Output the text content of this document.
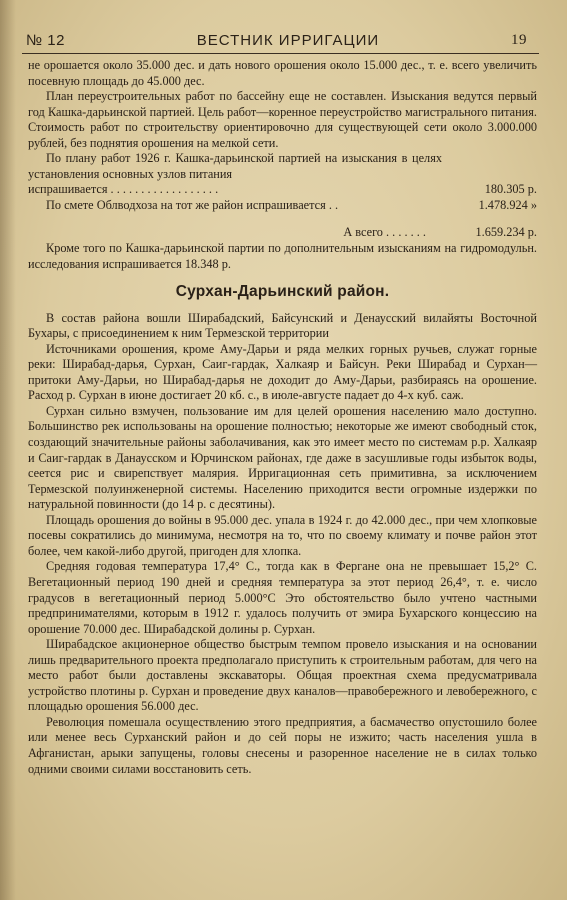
№ 12	ВЕСТНИК ИРРИГАЦИИ	19

не орошается около 35.000 дес. и дать нового орошения около 15.000 дес., т. е. всего увеличить посевную площадь до 45.000 дес.

План переустроительных работ по бассейну еще не составлен. Изыскания ведутся первый год Кашка-дарьинской партией. Цель работ—коренное переустройство магистрального питания. Стоимость работ по строительству ориентировочно для существующей сети около 3.000.000 рублей, без поднятия орошения на мелкой сети.

По плану работ 1926 г. Кашка-дарьинской партией на изыскания в целях установления основных узлов питания

испрашивается . . . . . . . . . . . . . . . . . .	180.305 р.
По смете Облводхоза на тот же район испрашивается . .	1.478.924 »
А всего . . . . . . .	1.659.234 р.

Кроме того по Кашка-дарьинской партии по дополнительным изысканиям на гидромодульн. исследования испрашивается 18.348 р.

Сурхан-Дарьинский район.

В состав района вошли Ширабадский, Байсунский и Денаусский вилайяты Восточной Бухары, с присоединением к ним Термезской территории

Источниками орошения, кроме Аму-Дарьи и ряда мелких горных ручьев, служат горные реки: Ширабад-дарья, Сурхан, Саиг-гардак, Халкаяр и Байсун. Реки Ширабад и Сурхан—притоки Аму-Дарьи, но Ширабад-дарья не доходит до Аму-Дарьи, разбираясь на орошение. Расход р. Сурхан в июне достигает 20 кб. с., в июле-августе падает до 4-х куб. саж.

Сурхан сильно взмучен, пользование им для целей орошения населению мало доступно. Большинство рек использованы на орошение полностью; некоторые же имеют свободный сток, создающий значительные районы заболачивания, как это имеет место по системам р.р. Халкаяр и Саиг-гардак в Данаусском и Юрчинском районах, где даже в засушливые годы избыток воды, сеется рис и свирепствует малярия. Ирригационная сеть примитивна, за исключением Термезской полуинженерной системы. Населению приходится вести огромные издержки по натуральной повинности (до 14 р. с десятины).

Площадь орошения до войны в 95.000 дес. упала в 1924 г. до 42.000 дес., при чем хлопковые посевы сократились до минимума, несмотря на то, что по своему климату и почве район этот более, чем какой-либо другой, пригоден для хлопка.

Средняя годовая температура 17,4° С., тогда как в Фергане она не превышает 15,2° С. Вегетационный период 190 дней и средняя температура за этот период 26,4°, т. е. число градусов в вегетационный период 5.000°С Это обстоятельство было учтено частными предпринимателями, которым в 1912 г. удалось получить от эмира Бухарского концессию на орошение 70.000 дес. Ширабадской долины р. Сурхан.

Ширабадское акционерное общество быстрым темпом провело изыскания и на основании лишь предварительного проекта предполагало приступить к строительным работам, для чего на место работ были доставлены экскаваторы. Общая проектная схема предусматривала устройство плотины р. Сурхан и проведение двух каналов—правобережного и левобережного, с площадью орошения 56.000 дес.

Революция помешала осуществлению этого предприятия, а басмачество опустошило более или менее весь Сурханский район и до сей поры не изжито; часть населения ушла в Афганистан, арыки запущены, головы снесены и разоренное население не в силах только одними своими силами восстановить сеть.
